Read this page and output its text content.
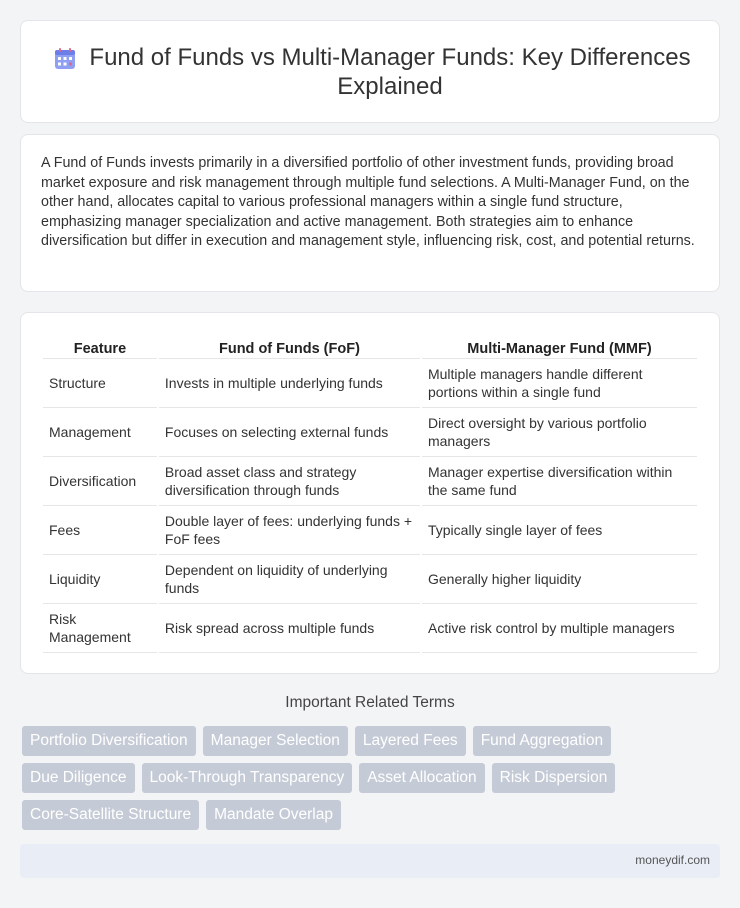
Fund of Funds vs Multi-Manager Funds: Key Differences Explained

A Fund of Funds invests primarily in a diversified portfolio of other investment funds, providing broad market exposure and risk management through multiple fund selections. A Multi-Manager Fund, on the other hand, allocates capital to various professional managers within a single fund structure, emphasizing manager specialization and active management. Both strategies aim to enhance diversification but differ in execution and management style, influencing risk, cost, and potential returns.

Feature	Fund of Funds (FoF)	Multi-Manager Fund (MMF)
Structure	Invests in multiple underlying funds	Multiple managers handle different portions within a single fund
Management	Focuses on selecting external funds	Direct oversight by various portfolio managers
Diversification	Broad asset class and strategy diversification through funds	Manager expertise diversification within the same fund
Fees	Double layer of fees: underlying funds + FoF fees	Typically single layer of fees
Liquidity	Dependent on liquidity of underlying funds	Generally higher liquidity
Risk Management	Risk spread across multiple funds	Active risk control by multiple managers
Important Related Terms
Portfolio Diversification	Manager Selection	Layered Fees	Fund Aggregation
Due Diligence	Look-Through Transparency	Asset Allocation	Risk Dispersion
Core-Satellite Structure	Mandate Overlap
moneydif.com
